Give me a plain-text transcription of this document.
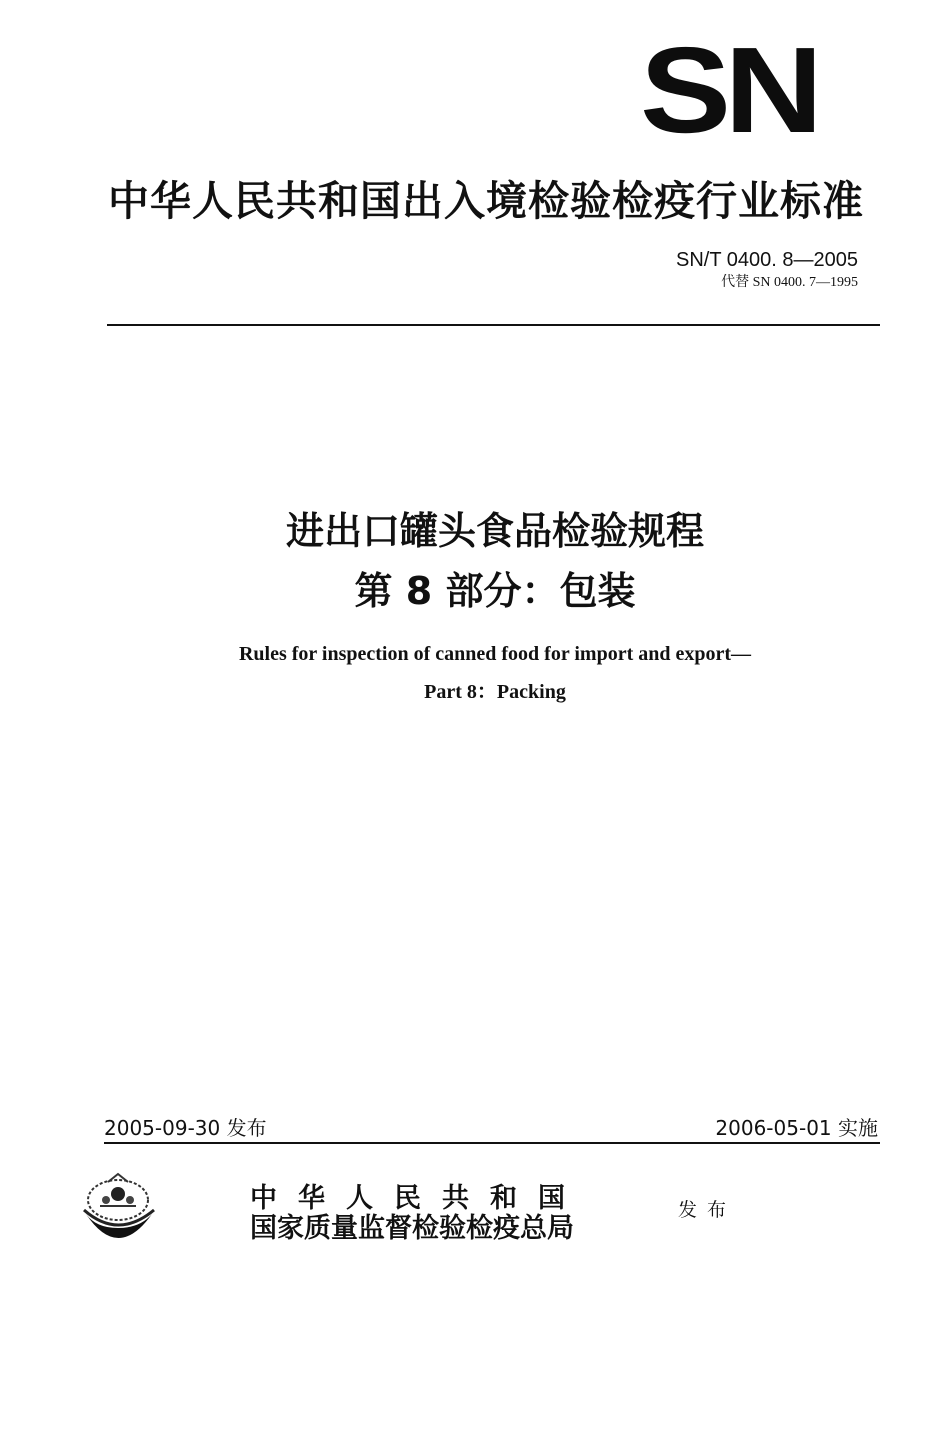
SN
中华人民共和国出入境检验检疫行业标准
SN/T 0400. 8—2005
代替 SN 0400. 7—1995
进出口罐头食品检验规程
第 8 部分：包装
Rules for inspection of canned food for import and export—
Part 8：Packing
2005-09-30 发布	2006-05-01 实施
中华人民共和国
国家质量监督检验检疫总局
发布
